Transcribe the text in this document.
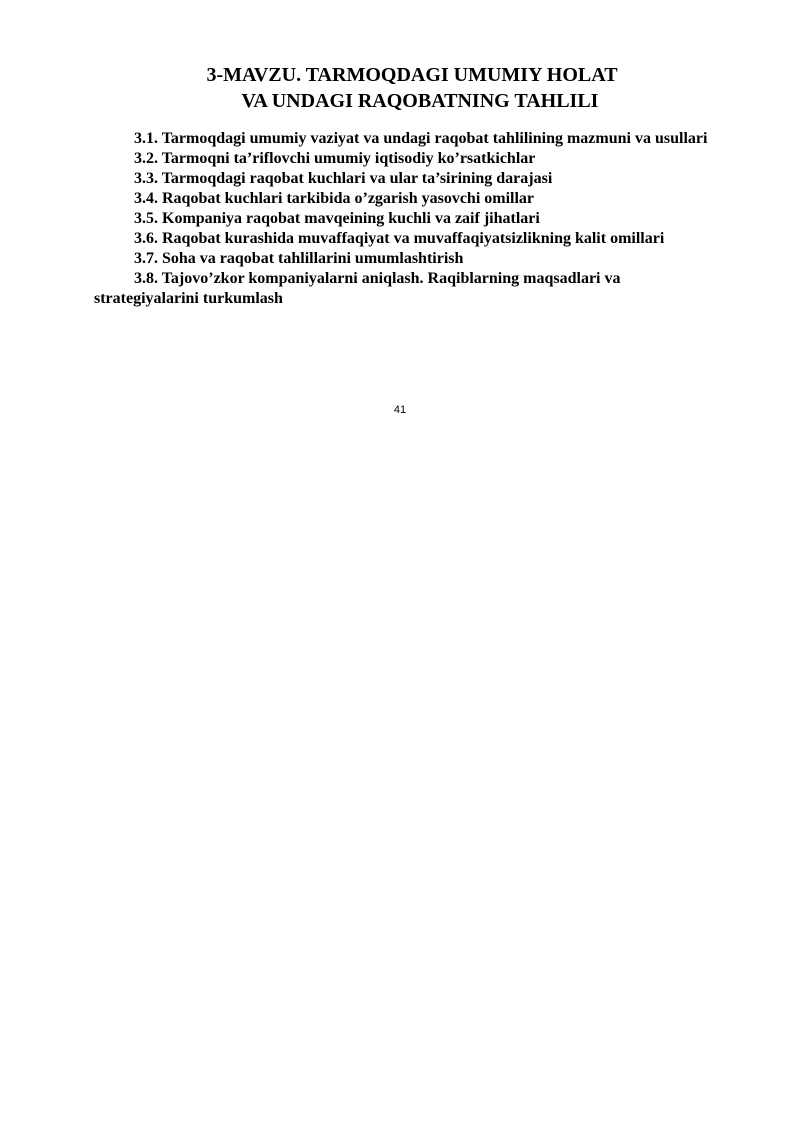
3-MAVZU. TARMOQDAGI UMUMIY HOLAT
VA UNDAGI RAQOBATNING TAHLILI
3.1. Tarmoqdagi umumiy vaziyat va undagi raqobat tahlilining mazmuni va usullari
3.2. Tarmoqni ta’riflovchi umumiy iqtisodiy ko’rsatkichlar
3.3. Tarmoqdagi raqobat kuchlari va ular ta’sirining darajasi
3.4. Raqobat kuchlari tarkibida o’zgarish yasovchi omillar
3.5. Kompaniya raqobat mavqeining kuchli va zaif jihatlari
3.6. Raqobat kurashida muvaffaqiyat va muvaffaqiyatsizlikning kalit omillari
3.7. Soha va raqobat tahlillarini umumlashtirish
3.8. Tajovo’zkor kompaniyalarni aniqlash. Raqiblarning maqsadlari va strategiyalarini turkumlash
41
